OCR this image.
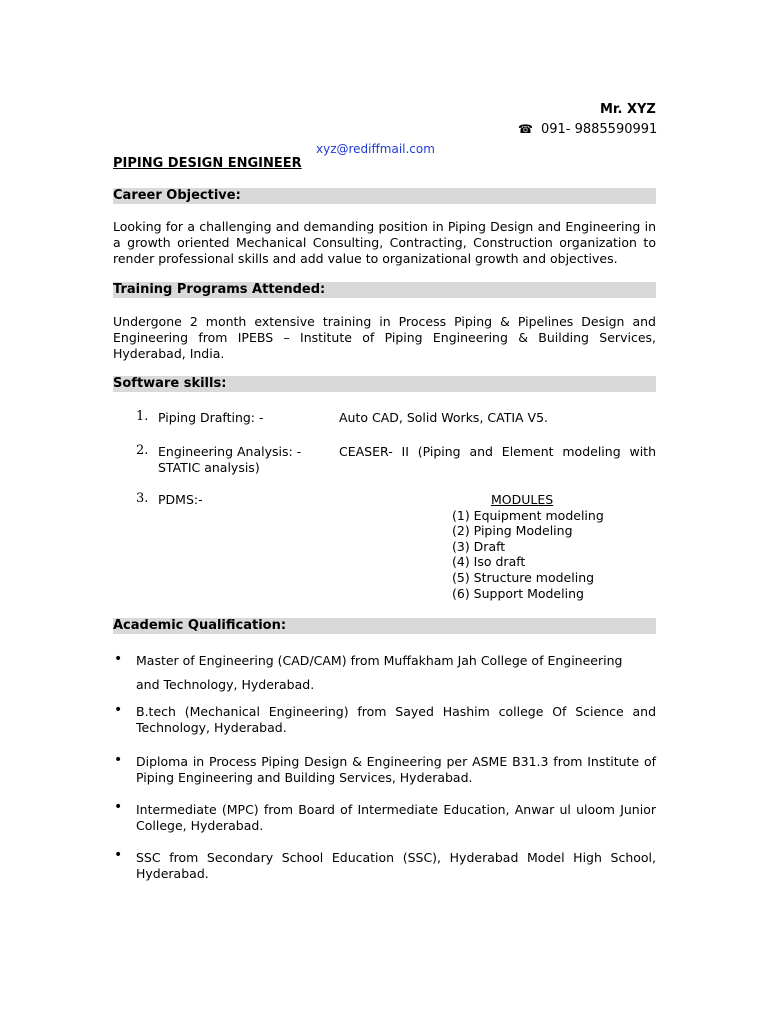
Mr. XYZ
☎ 091- 9885590991
xyz@rediffmail.com
PIPING DESIGN ENGINEER
Career Objective:
Looking for a challenging and demanding position in Piping Design and Engineering in a growth oriented Mechanical Consulting, Contracting, Construction organization to render professional skills and add value to organizational growth and objectives.
Training Programs Attended:
Undergone 2 month extensive training in Process Piping & Pipelines Design and Engineering from IPEBS – Institute of Piping Engineering & Building Services, Hyderabad, India.
Software skills:
1. Piping Drafting: -	Auto CAD, Solid Works, CATIA V5.
2. Engineering Analysis: - STATIC analysis)
CEASER- II (Piping and Element modeling with
3. PDMS:-	MODULES
(1) Equipment modeling
(2) Piping Modeling
(3) Draft
(4) Iso draft
(5) Structure modeling
(6) Support Modeling
Academic Qualification:
• Master of Engineering (CAD/CAM) from Muffakham Jah College of Engineering
and Technology, Hyderabad.
• B.tech (Mechanical Engineering) from Sayed Hashim college Of Science and Technology, Hyderabad.
• Diploma in Process Piping Design & Engineering per ASME B31.3 from Institute of Piping Engineering and Building Services, Hyderabad.
• Intermediate (MPC) from Board of Intermediate Education, Anwar ul uloom Junior College, Hyderabad.
• SSC from Secondary School Education (SSC), Hyderabad Model High School, Hyderabad.
